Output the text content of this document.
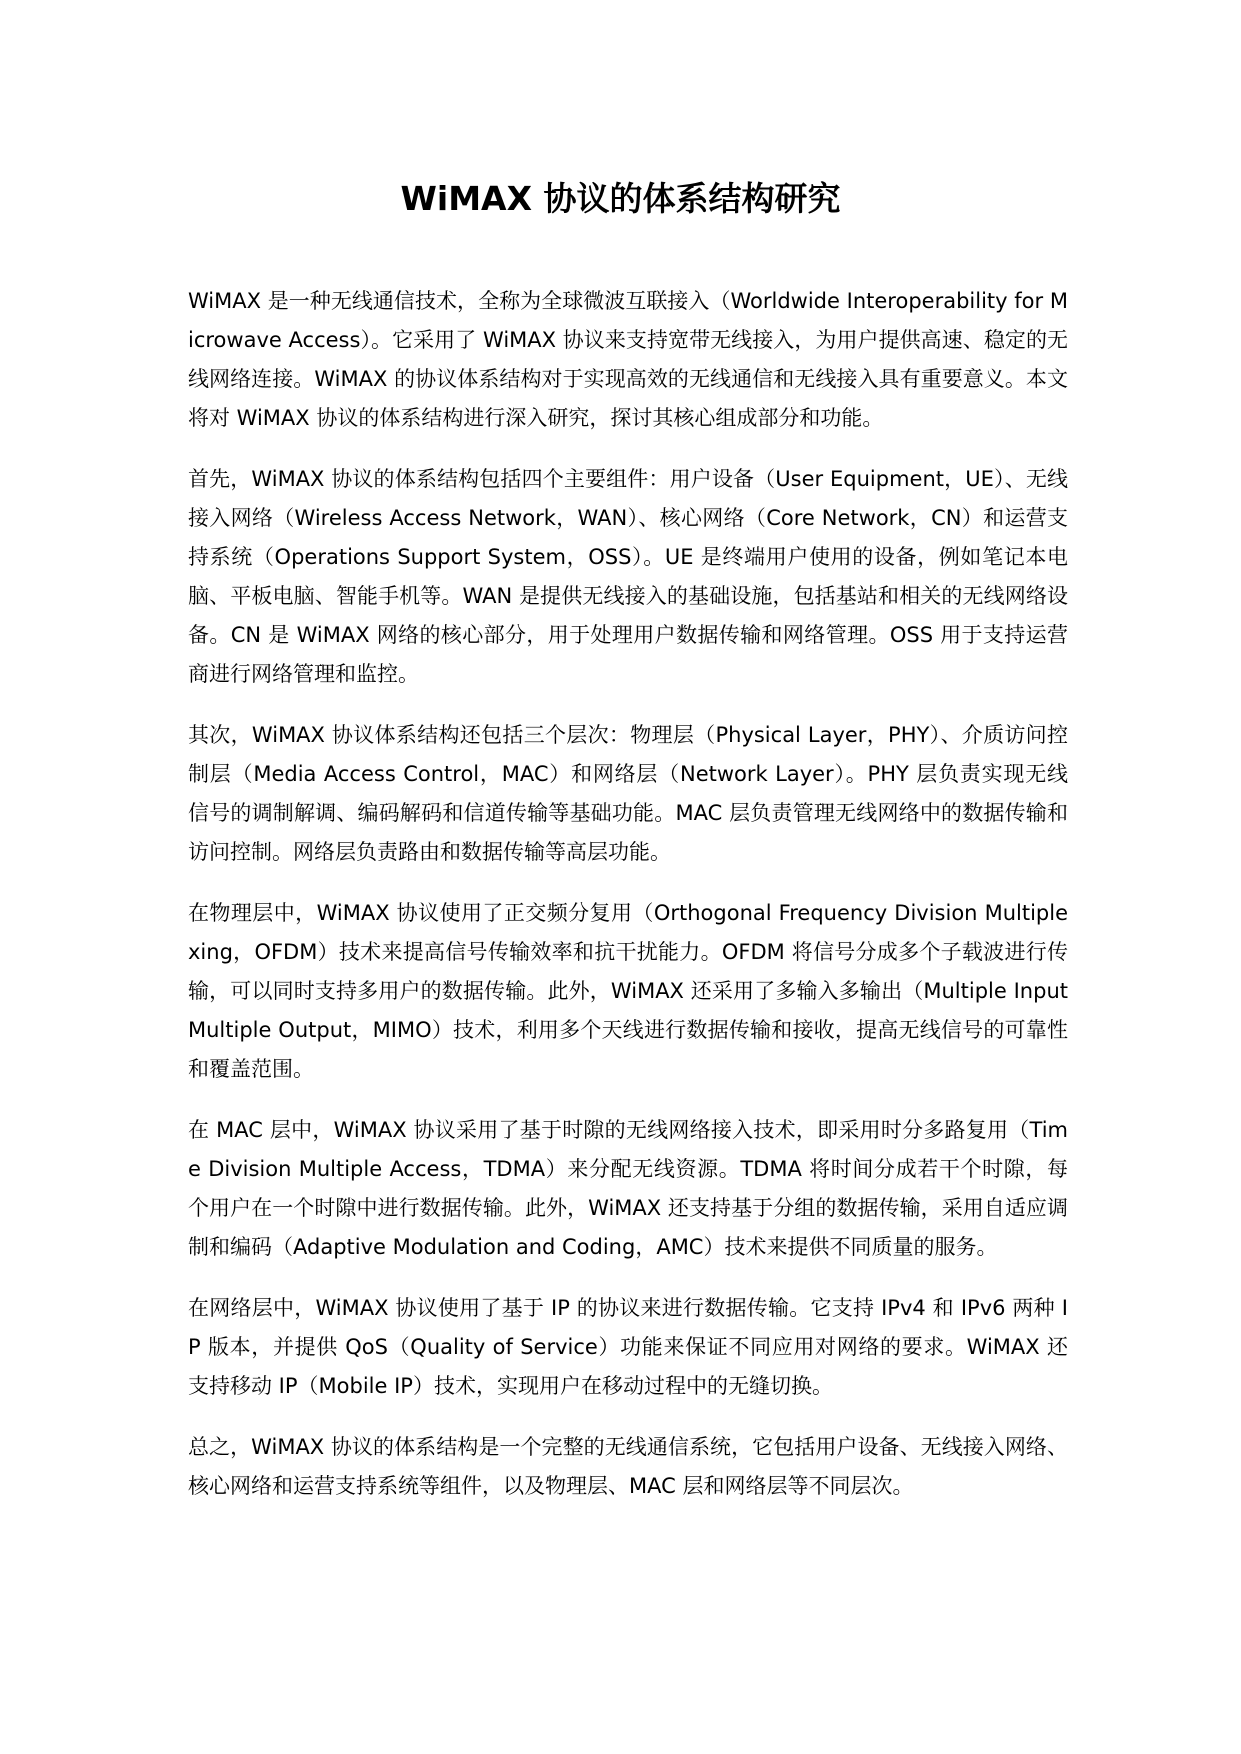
WiMAX 协议的体系结构研究

WiMAX 是一种无线通信技术，全称为全球微波互联接入（Worldwide Interoperability for Microwave Access）。它采用了 WiMAX 协议来支持宽带无线接入，为用户提供高速、稳定的无线网络连接。WiMAX 的协议体系结构对于实现高效的无线通信和无线接入具有重要意义。本文将对 WiMAX 协议的体系结构进行深入研究，探讨其核心组成部分和功能。

首先，WiMAX 协议的体系结构包括四个主要组件：用户设备（User Equipment，UE）、无线接入网络（Wireless Access Network，WAN）、核心网络（Core Network，CN）和运营支持系统（Operations Support System，OSS）。UE 是终端用户使用的设备，例如笔记本电脑、平板电脑、智能手机等。WAN 是提供无线接入的基础设施，包括基站和相关的无线网络设备。CN 是 WiMAX 网络的核心部分，用于处理用户数据传输和网络管理。OSS 用于支持运营商进行网络管理和监控。

其次，WiMAX 协议体系结构还包括三个层次：物理层（Physical Layer，PHY）、介质访问控制层（Media Access Control，MAC）和网络层（Network Layer）。PHY 层负责实现无线信号的调制解调、编码解码和信道传输等基础功能。MAC 层负责管理无线网络中的数据传输和访问控制。网络层负责路由和数据传输等高层功能。

在物理层中，WiMAX 协议使用了正交频分复用（Orthogonal Frequency Division Multiplexing，OFDM）技术来提高信号传输效率和抗干扰能力。OFDM 将信号分成多个子载波进行传输，可以同时支持多用户的数据传输。此外，WiMAX 还采用了多输入多输出（Multiple Input Multiple Output，MIMO）技术，利用多个天线进行数据传输和接收，提高无线信号的可靠性和覆盖范围。

在 MAC 层中，WiMAX 协议采用了基于时隙的无线网络接入技术，即采用时分多路复用（Time Division Multiple Access，TDMA）来分配无线资源。TDMA 将时间分成若干个时隙，每个用户在一个时隙中进行数据传输。此外，WiMAX 还支持基于分组的数据传输，采用自适应调制和编码（Adaptive Modulation and Coding，AMC）技术来提供不同质量的服务。

在网络层中，WiMAX 协议使用了基于 IP 的协议来进行数据传输。它支持 IPv4 和 IPv6 两种 IP 版本，并提供 QoS（Quality of Service）功能来保证不同应用对网络的要求。WiMAX 还支持移动 IP（Mobile IP）技术，实现用户在移动过程中的无缝切换。

总之，WiMAX 协议的体系结构是一个完整的无线通信系统，它包括用户设备、无线接入网络、核心网络和运营支持系统等组件，以及物理层、MAC 层和网络层等不同层次。
